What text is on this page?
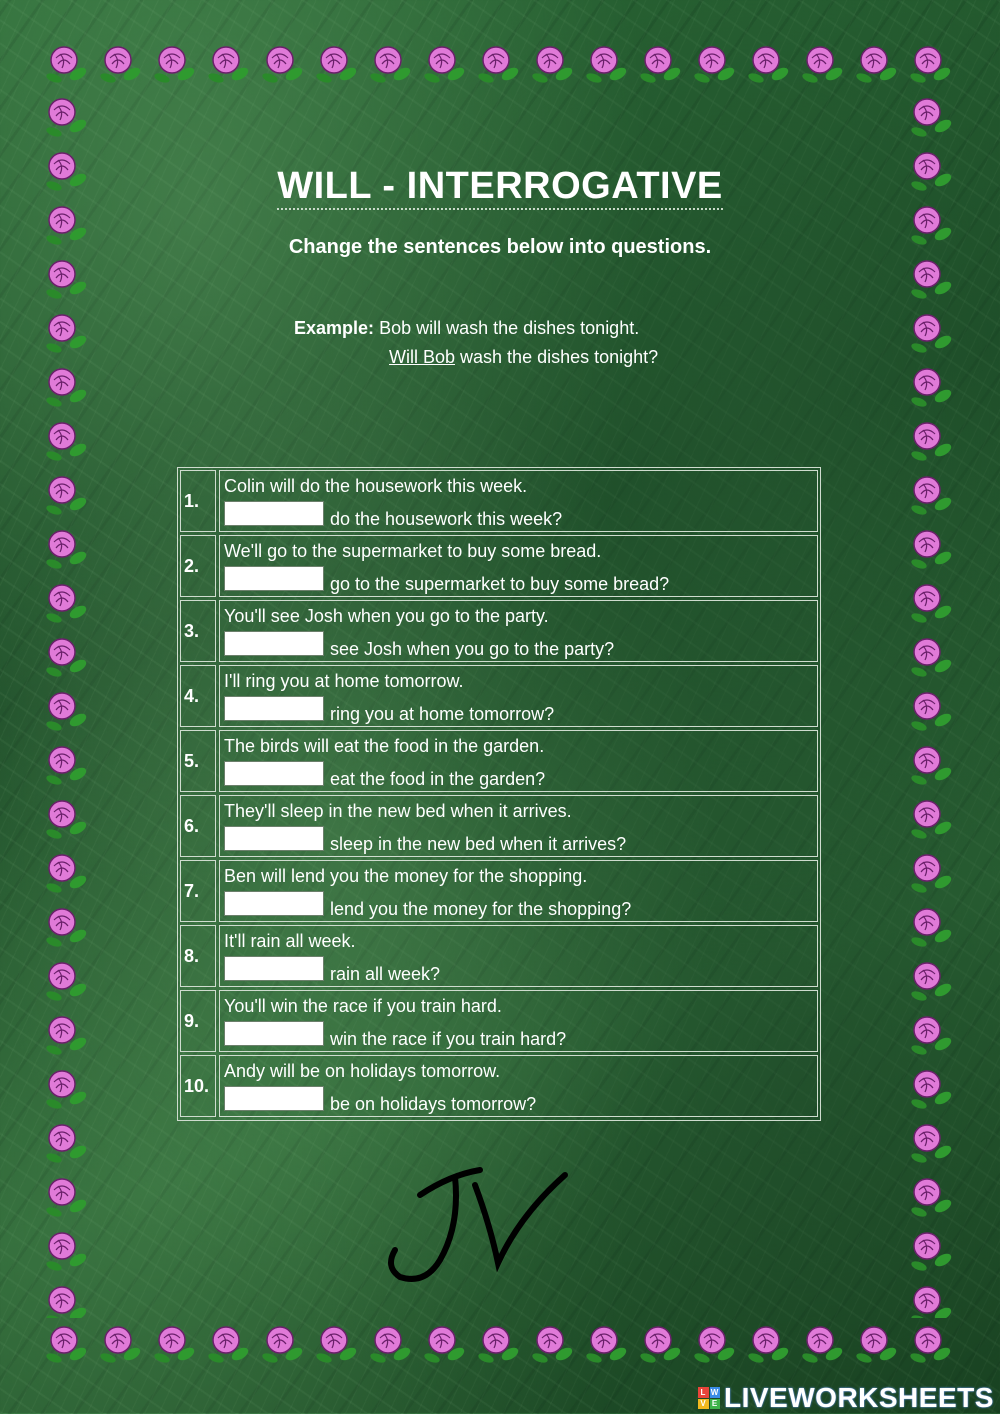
WILL - INTERROGATIVE
Change the sentences below into questions.
Example: Bob will wash the dishes tonight.
Will Bob wash the dishes tonight?
1.
Colin will do the housework this week.
do the housework this week?
2.
We'll go to the supermarket to buy some bread.
go to the supermarket to buy some bread?
3.
You'll see Josh when you go to the party.
see Josh when you go to the party?
4.
I'll ring you at home tomorrow.
ring you at home tomorrow?
5.
The birds will eat the food in the garden.
eat the food in the garden?
6.
They'll sleep in the new bed when it arrives.
sleep in the new bed when it arrives?
7.
Ben will lend you the money for the shopping.
lend you the money for the shopping?
8.
It'll rain all week.
rain all week?
9.
You'll win the race if you train hard.
win the race if you train hard?
10.
Andy will be on holidays tomorrow.
be on holidays tomorrow?
L W
V E LIVEWORKSHEETS
